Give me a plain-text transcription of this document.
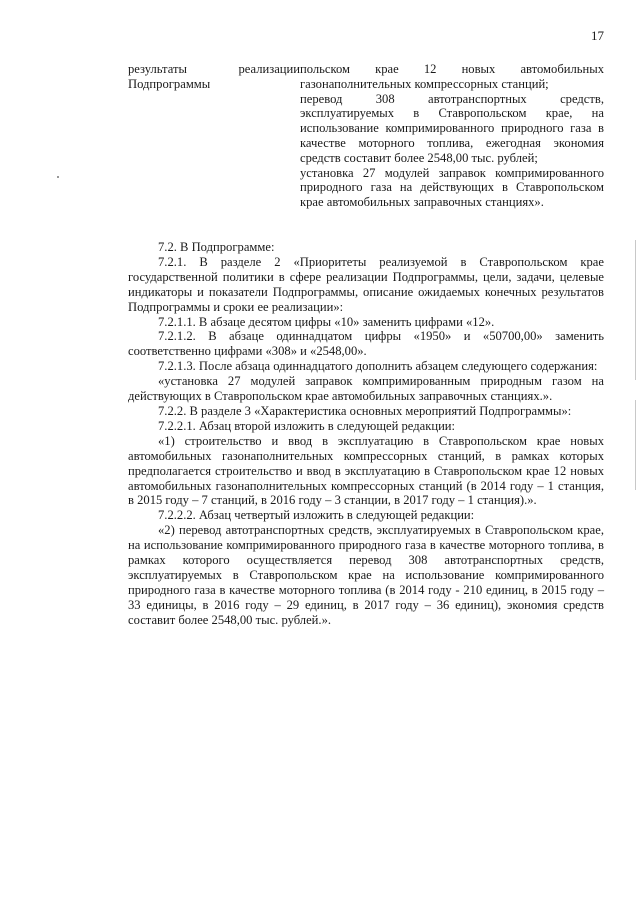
17
результаты реализации
Подпрограммы

польском крае 12 новых автомобильных газонаполнительных компрессорных станций;

перевод 308 автотранспортных средств, эксплуатируемых в Ставропольском крае, на использование компримированного природного газа в качестве моторного топлива, ежегодная экономия средств составит более 2548,00 тыс. рублей;

установка 27 модулей заправок компримированного природного газа на действующих в Ставропольском крае автомобильных заправочных станциях».

7.2. В Подпрограмме:

7.2.1. В разделе 2 «Приоритеты реализуемой в Ставропольском крае государственной политики в сфере реализации Подпрограммы, цели, задачи, целевые индикаторы и показатели Подпрограммы, описание ожидаемых конечных результатов Подпрограммы и сроки ее реализации»:

7.2.1.1. В абзаце десятом цифры «10» заменить цифрами «12».

7.2.1.2. В абзаце одиннадцатом цифры «1950» и «50700,00» заменить соответственно цифрами «308» и «2548,00».

7.2.1.3. После абзаца одиннадцатого дополнить абзацем следующего содержания:

«установка 27 модулей заправок компримированным природным газом на действующих в Ставропольском крае автомобильных заправочных станциях.».

7.2.2. В разделе 3 «Характеристика основных мероприятий Подпрограммы»:

7.2.2.1. Абзац второй изложить в следующей редакции:

«1) строительство и ввод в эксплуатацию в Ставропольском крае новых автомобильных газонаполнительных компрессорных станций, в рамках которых предполагается строительство и ввод в эксплуатацию в Ставропольском крае 12 новых автомобильных газонаполнительных компрессорных станций (в 2014 году – 1 станция, в 2015 году – 7 станций, в 2016 году – 3 станции, в 2017 году – 1 станция).».

7.2.2.2. Абзац четвертый изложить в следующей редакции:

«2) перевод автотранспортных средств, эксплуатируемых в Ставропольском крае, на использование компримированного природного газа в качестве моторного топлива, в рамках которого осуществляется перевод 308 автотранспортных средств, эксплуатируемых в Ставропольском крае на использование компримированного природного газа в качестве моторного топлива (в 2014 году - 210 единиц, в 2015 году – 33 единицы, в 2016 году – 29 единиц, в 2017 году – 36 единиц), экономия средств составит более 2548,00 тыс. рублей.».
